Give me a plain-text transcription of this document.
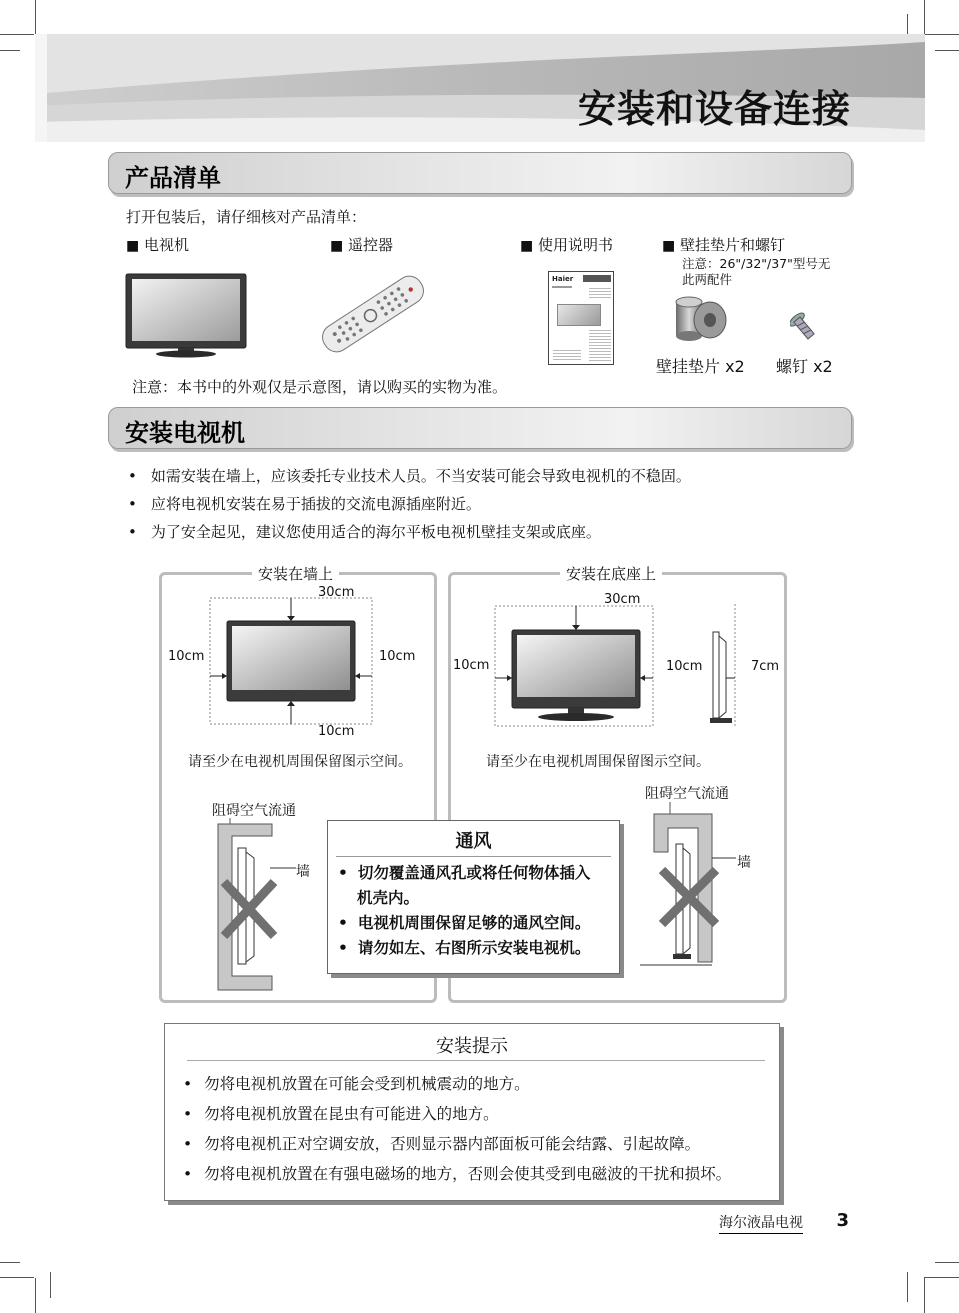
安装和设备连接
产品清单
打开包装后，请仔细核对产品清单：
■ 电视机	■ 遥控器	■ 使用说明书	■ 壁挂垫片和螺钉
注意：26"/32"/37"型号无
此两配件
Haier
壁挂垫片 x2 螺钉 x2
注意：本书中的外观仅是示意图，请以购买的实物为准。
安装电视机
• 如需安装在墙上，应该委托专业技术人员。不当安装可能会导致电视机的不稳固。
• 应将电视机安装在易于插拔的交流电源插座附近。
• 为了安全起见，建议您使用适合的海尔平板电视机壁挂支架或底座。
安装在墙上
30cm
10cm	10cm
10cm
请至少在电视机周围保留图示空间。
阻碍空气流通
墙
安装在底座上
30cm
10cm	10cm	7cm
请至少在电视机周围保留图示空间。
阻碍空气流通
墙
通风
• 切勿覆盖通风孔或将任何物体插入
机壳内。
• 电视机周围保留足够的通风空间。
• 请勿如左、右图所示安装电视机。
安装提示
• 勿将电视机放置在可能会受到机械震动的地方。
• 勿将电视机放置在昆虫有可能进入的地方。
• 勿将电视机正对空调安放，否则显示器内部面板可能会结露、引起故障。
• 勿将电视机放置在有强电磁场的地方，否则会使其受到电磁波的干扰和损坏。
海尔液晶电视 3
